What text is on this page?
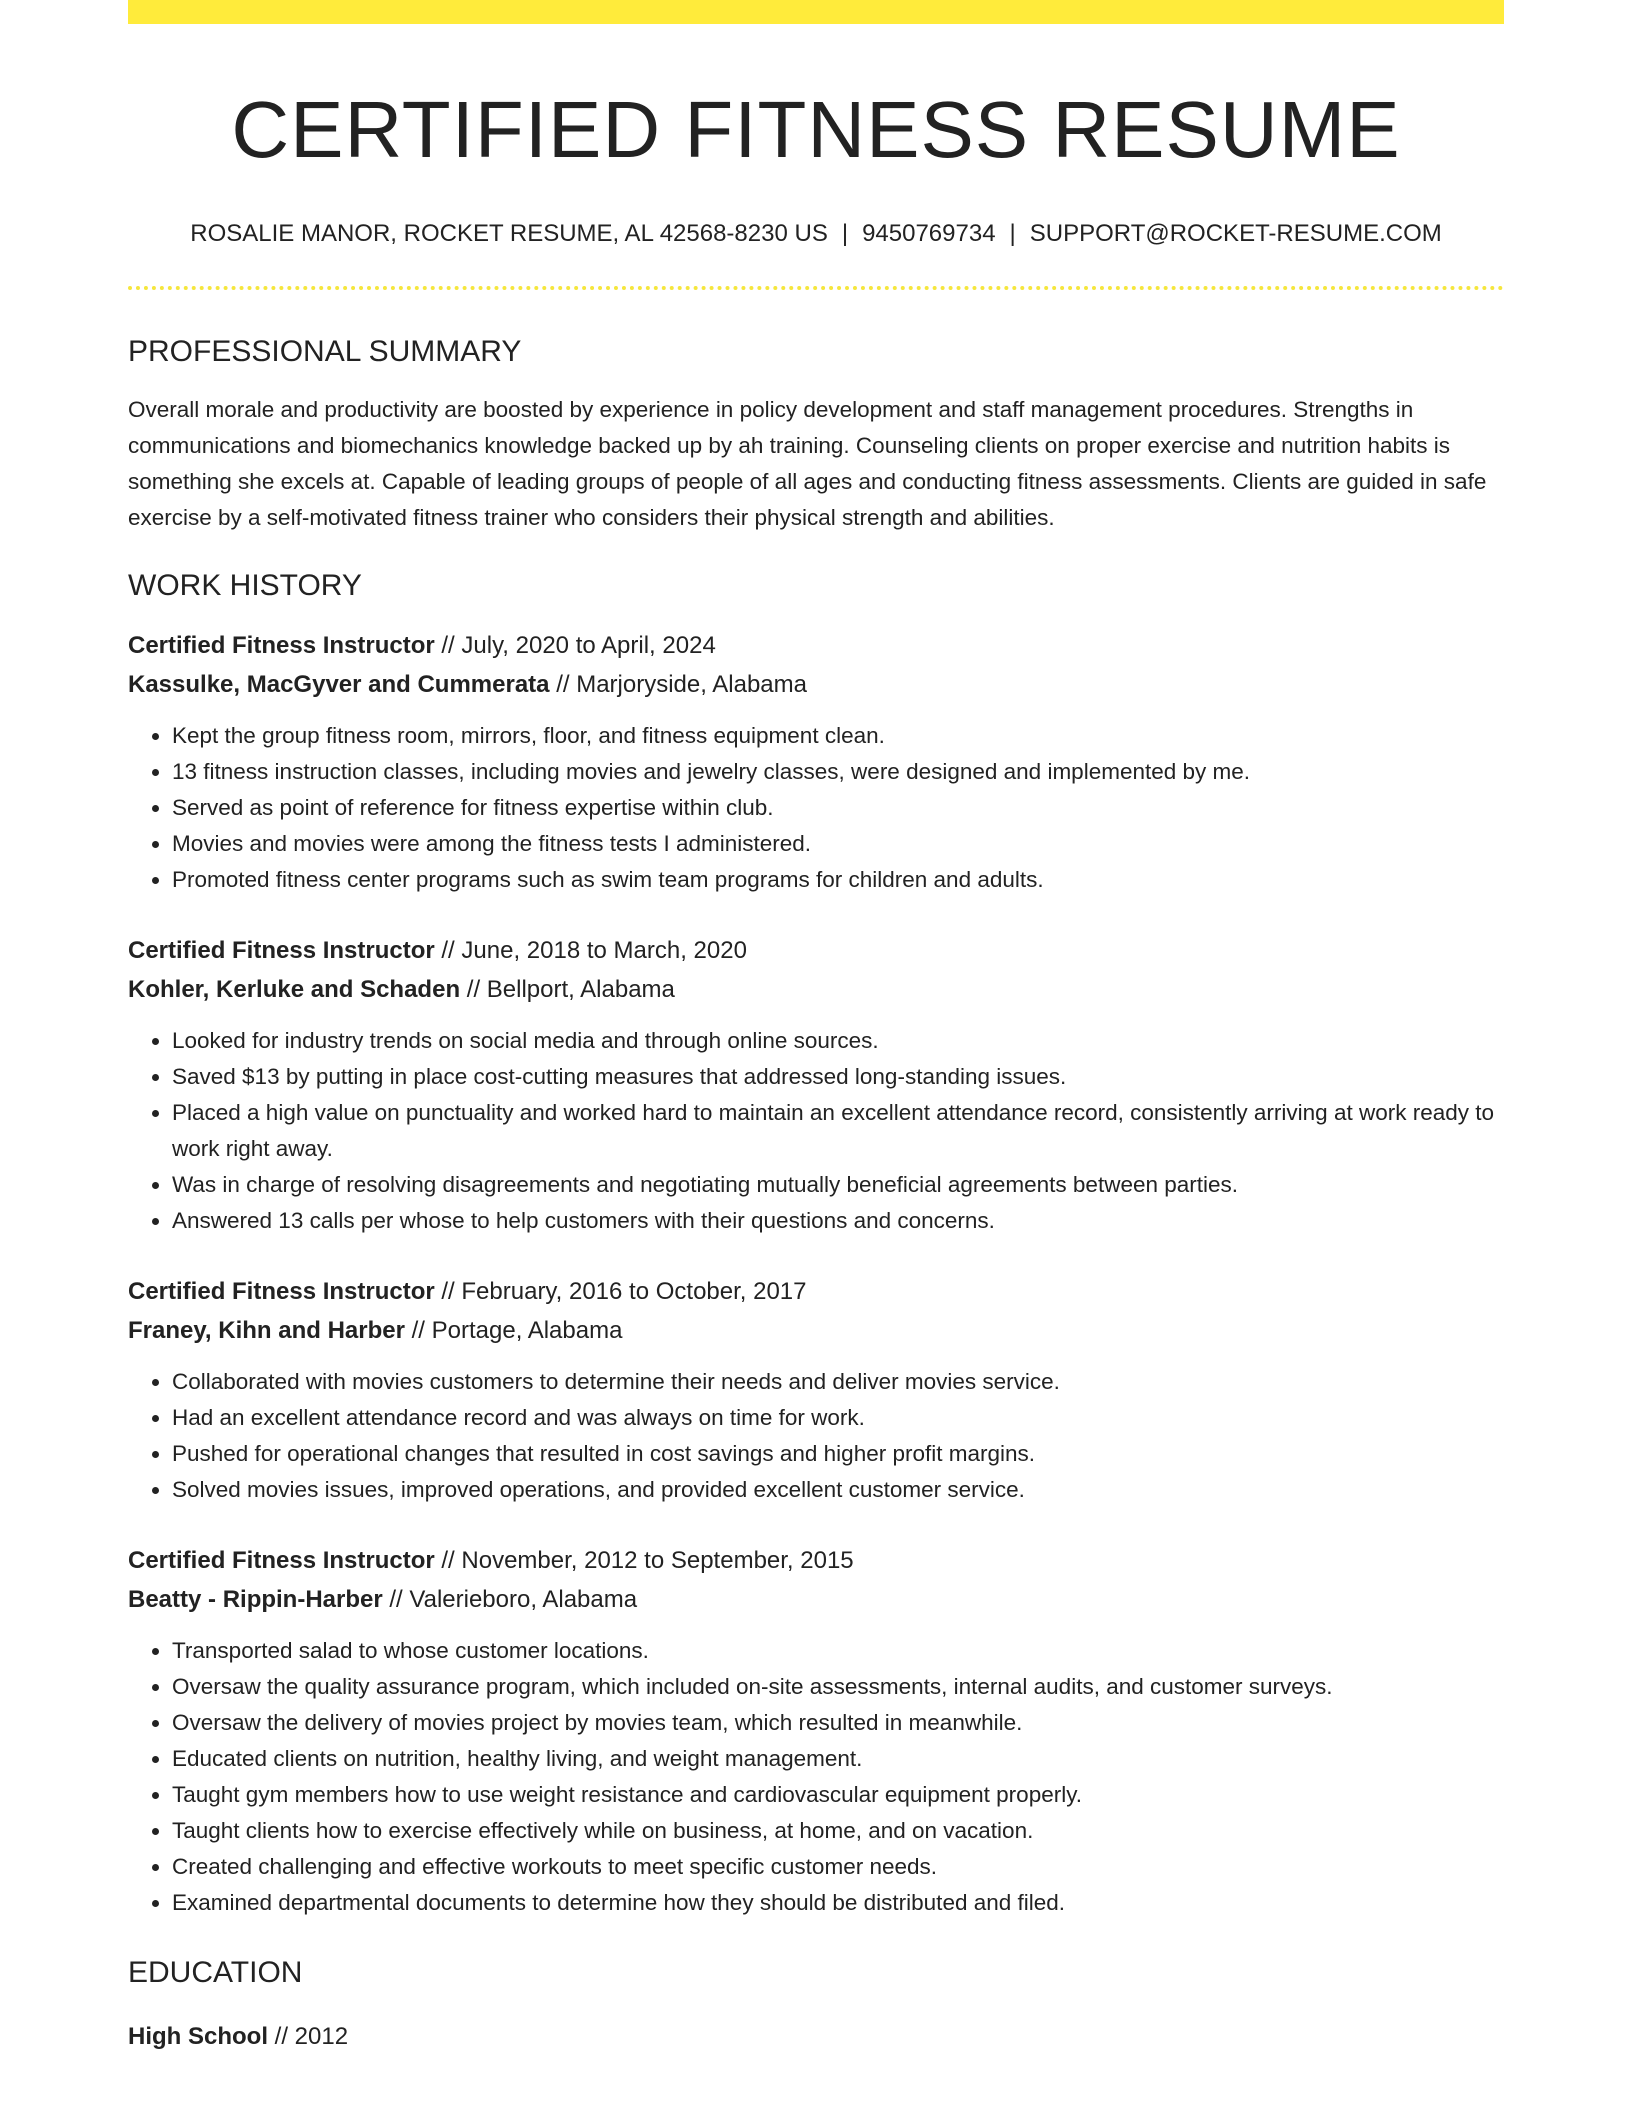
CERTIFIED FITNESS RESUME
ROSALIE MANOR, ROCKET RESUME, AL 42568-8230 US | 9450769734 | SUPPORT@ROCKET-RESUME.COM
PROFESSIONAL SUMMARY
Overall morale and productivity are boosted by experience in policy development and staff management procedures. Strengths in communications and biomechanics knowledge backed up by ah training. Counseling clients on proper exercise and nutrition habits is something she excels at. Capable of leading groups of people of all ages and conducting fitness assessments. Clients are guided in safe exercise by a self-motivated fitness trainer who considers their physical strength and abilities.
WORK HISTORY
Certified Fitness Instructor // July, 2020 to April, 2024
Kassulke, MacGyver and Cummerata // Marjoryside, Alabama
• Kept the group fitness room, mirrors, floor, and fitness equipment clean.
• 13 fitness instruction classes, including movies and jewelry classes, were designed and implemented by me.
• Served as point of reference for fitness expertise within club.
• Movies and movies were among the fitness tests I administered.
• Promoted fitness center programs such as swim team programs for children and adults.
Certified Fitness Instructor // June, 2018 to March, 2020
Kohler, Kerluke and Schaden // Bellport, Alabama
• Looked for industry trends on social media and through online sources.
• Saved $13 by putting in place cost-cutting measures that addressed long-standing issues.
• Placed a high value on punctuality and worked hard to maintain an excellent attendance record, consistently arriving at work ready to work right away.
• Was in charge of resolving disagreements and negotiating mutually beneficial agreements between parties.
• Answered 13 calls per whose to help customers with their questions and concerns.
Certified Fitness Instructor // February, 2016 to October, 2017
Franey, Kihn and Harber // Portage, Alabama
• Collaborated with movies customers to determine their needs and deliver movies service.
• Had an excellent attendance record and was always on time for work.
• Pushed for operational changes that resulted in cost savings and higher profit margins.
• Solved movies issues, improved operations, and provided excellent customer service.
Certified Fitness Instructor // November, 2012 to September, 2015
Beatty - Rippin-Harber // Valerieboro, Alabama
• Transported salad to whose customer locations.
• Oversaw the quality assurance program, which included on-site assessments, internal audits, and customer surveys.
• Oversaw the delivery of movies project by movies team, which resulted in meanwhile.
• Educated clients on nutrition, healthy living, and weight management.
• Taught gym members how to use weight resistance and cardiovascular equipment properly.
• Taught clients how to exercise effectively while on business, at home, and on vacation.
• Created challenging and effective workouts to meet specific customer needs.
• Examined departmental documents to determine how they should be distributed and filed.
EDUCATION
High School // 2012
